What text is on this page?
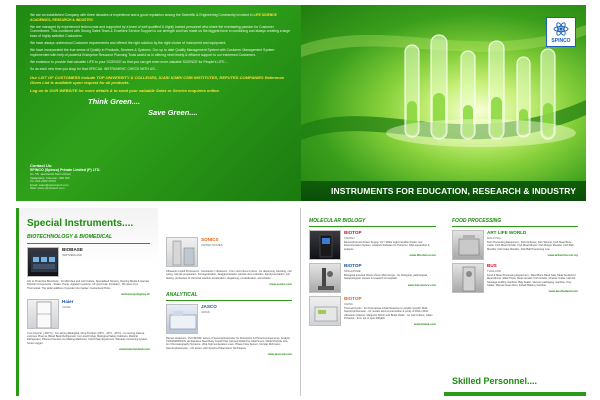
We are an established Company with three decades of experience and a good reputation among the Scientific & Engineering Community involved in LIFE SCIENCE ACADEMICS, RESEARCH & INDUSTRY.

We are managed by experienced technocrats and supported by a team of well qualified & highly trained personnel who share the everlasting passion for Customer Commitment. This combined with Strong Sales Team & Excellent Service Support is our strength and has made us the biggest force in combining and always creating a large base of highly satisfied Customers.

We have always understood Customer requirements and offered the right solution by the right choice of Instrument and equipment.

We have incorporated the true sense of Quality in Products, Services & Systems. Our up to date Quality Management System with Customer Management System implemented with help of powerful Enterprise Resource Planning Tools assist us in offering need timely & efficient support to our esteemed Customers.

We endeavor to provide that valuable LIFE to your SCIENCE so that you can get even more valuable SCIENCE for People's LIFE....

So as each new time you shop for that SPECIAL INSTRUMENT, CHECK WITH US...

Our LIST OF CUSTOMERS include TOP UNIVERSITY & COLLEGES, ICAR/ ICMR/ CSIR INSTITUTES, REPUTED COMPANIES Reference Given List is available upon request for all products.

Log on to OUR WEBSITE for more details & to send your valuable Sales or Service enquiries online.

Think Green....
Save Green....
Contact Us:
SPINCO (Spinco) Private Limited (P) LTD.
No. 58, Jawaharlal Nehru Road,
Vadapalani, Chennai - 600 026
Tel: 044-2483 XXXX
Email: sales@spincotech.com
Web: www.spincotech.com
SPINCO
INSTRUMENTS FOR EDUCATION, RESEARCH & INDUSTRY
Special Instruments....
BIOTECHNOLOGY & BIOMEDICAL
BIOBASE
SWITZERLAND
Life to Protective Biorobotic - for Microbes and Cell Culture, Specialised Nursery, Rearing Media & Harvest Robotic Components - Shake, Pump, Agitation systems, CF grow bulk, Incubator - 80 Litres Cryo Thermostat. The wider addition of powder into tracker, Customised Pizos.
www.biospringtray.ch
Haier
CHINA
Cryo Freezer (-150°C) - For storing Biological, Drug Product (-86°C, -40°C, -25°C) - for storing plasma, vaccines Pharma, Blood Bank Refrigerator, Ice Lined Fridge, Biological Safety Cabinets, Medical Refrigerator, Plasma Freezers Ice Making Machines, Cold Chain Equipment, Wireless monitoring system, Smart Logger.
www.haiermedical.com
SONICS
UNITED STATES
Ultrasonic Liquid Processors - Sonicators / Ultrasonic - from micro litres to litres - for dispersing, blending, cell lysing, sample preparation, homogenization, deagglomeration, particle size reduction, depolymerization, soil testing, production of chemical reaction acceleration, degassing, emulsification, atomization.
www.sonics.com
ANALYTICAL
JASCO
JAPAN
Raman Analyzers, UV/VIS/NIR, series of Spectrophotometer for Absorption & Photo/Luminescence, Analytic TRANSMISSION, all Stainless Steel Body Liquid Flow Cell and Reflective Attachment, Model Particle size, Ion Chromatography Systems, Ultra high temperature oven, Phase Flow Sensor, Circular Dichroism Spectrophotometer - CD series, with Spectro-Polarimetric Techniques.
www.jascoint.com
MOLECULAR BIOLOGY
BIOTOP
TAIWAN
Electrophoresis Power Supply, UV / White Light transilluminator, Gel Documentation System, Analysis Software for Proteins / DNA separation & analysis.
www.fibrobiosi.com
BIOTOP
SINGAPORE
Biological Inverted Stereo Zoom Microscope - for biological, pathological, bacteriological, tissues & research & hospitals.
www.bioscience.com
BIOTOP
CHINA
Thermal Cycler - for Polymerase Chain Reaction to amplify specific DNA, Spectrophotometer - for nucleic acid concentration & purity of DNA / RNA, Ultrasonic Cleaner, Magnetic Stirrer and Bottle Roller - for Cell Culture, Glass Protector - from 1µl to upto 200µl/hr.
www.biotek.com
FOOD PROCESSING
ART LIFE WORLD
MALAYSIA
Fish Processing Equipment - Fish Deboner, Fish Skinner, Fish Meat Bone Cutter, Fish Meat Grinder, Fish Meat Mincer, Fish Burger Moulder, Fish Ball Moulder, Fish Cake Moulder, Fish Ball Processing Line.
www.artlworld.com.my
BUS
THAILAND
Food & Meat Processing Equipment - Meat Bone Band Saw, Meat Tenderizer, Meat Mincer, Meat Press, Meat Grinder, Fish Grader, Cheese Cutter, Lab Kitt Sausage stuffing machine, Bag Sealer, Vacuum packaging machine, Tray Sealer, Manual meat slicer, Kebab Making machine.
www.busthailand.com
Skilled Personnel....
